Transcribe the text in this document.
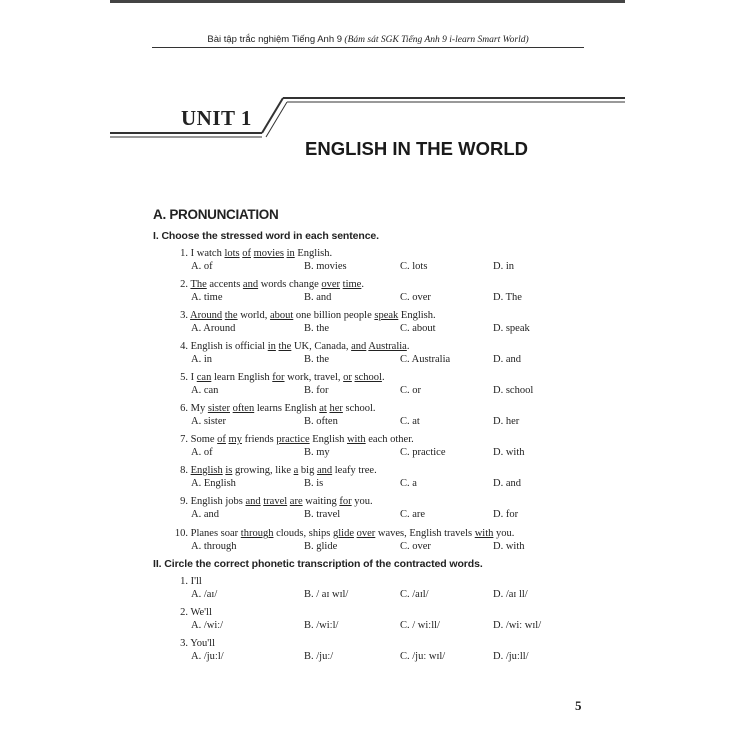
Bài tập trắc nghiệm Tiếng Anh 9 (Bám sát SGK Tiếng Anh 9 i-learn Smart World)
UNIT 1
ENGLISH IN THE WORLD
A. PRONUNCIATION
I. Choose the stressed word in each sentence.
1. I watch lots of movies in English.
A. of	B. movies	C. lots	D. in
2. The accents and words change over time.
A. time	B. and	C. over	D. The
3. Around the world, about one billion people speak English.
A. Around	B. the	C. about	D. speak
4. English is official in the UK, Canada, and Australia.
A. in	B. the	C. Australia	D. and
5. I can learn English for work, travel, or school.
A. can	B. for	C. or	D. school
6. My sister often learns English at her school.
A. sister	B. often	C. at	D. her
7. Some of my friends practice English with each other.
A. of	B. my	C. practice	D. with
8. English is growing, like a big and leafy tree.
A. English	B. is	C. a	D. and
9. English jobs and travel are waiting for you.
A. and	B. travel	C. are	D. for
10. Planes soar through clouds, ships glide over waves, English travels with you.
A. through	B. glide	C. over	D. with
II. Circle the correct phonetic transcription of the contracted words.
1. I'll
A. /aɪ/	B. / aɪ wɪl/	C. /aɪl/	D. /aɪ ll/
2. We'll
A. /wiː/	B. /wiːl/	C. / wiːll/	D. /wiː wɪl/
3. You'll
A. /juːl/	B. /juː/	C. /juː wɪl/	D. /juːll/
5
